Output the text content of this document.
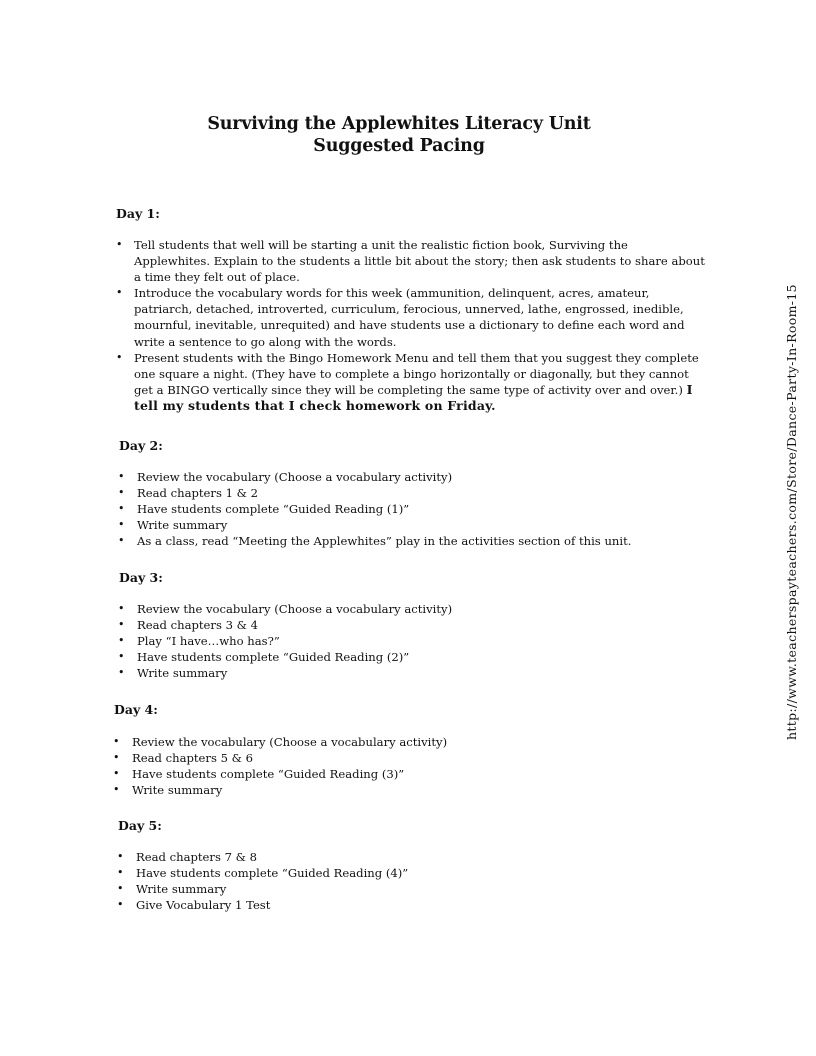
Surviving the Applewhites Literacy Unit
Suggested Pacing
Day 1:
• Tell students that well will be starting a unit the realistic fiction book, Surviving the Applewhites. Explain to the students a little bit about the story; then ask students to share about a time they felt out of place.
• Introduce the vocabulary words for this week (ammunition, delinquent, acres, amateur, patriarch, detached, introverted, curriculum, ferocious, unnerved, lathe, engrossed, inedible, mournful, inevitable, unrequited) and have students use a dictionary to define each word and write a sentence to go along with the words.
• Present students with the Bingo Homework Menu and tell them that you suggest they complete one square a night. (They have to complete a bingo horizontally or diagonally, but they cannot get a BINGO vertically since they will be completing the same type of activity over and over.) I tell my students that I check homework on Friday.
Day 2:
• Review the vocabulary (Choose a vocabulary activity)
• Read chapters 1 & 2
• Have students complete “Guided Reading (1)”
• Write summary
• As a class, read “Meeting the Applewhites” play in the activities section of this unit.
Day 3:
• Review the vocabulary (Choose a vocabulary activity)
• Read chapters 3 & 4
• Play “I have…who has?”
• Have students complete “Guided Reading (2)”
• Write summary
Day 4:
• Review the vocabulary (Choose a vocabulary activity)
• Read chapters 5 & 6
• Have students complete “Guided Reading (3)”
• Write summary
Day 5:
• Read chapters 7 & 8
• Have students complete “Guided Reading (4)”
• Write summary
• Give Vocabulary 1 Test
http://www.teacherspayteachers.com/Store/Dance-Party-In-Room-15
